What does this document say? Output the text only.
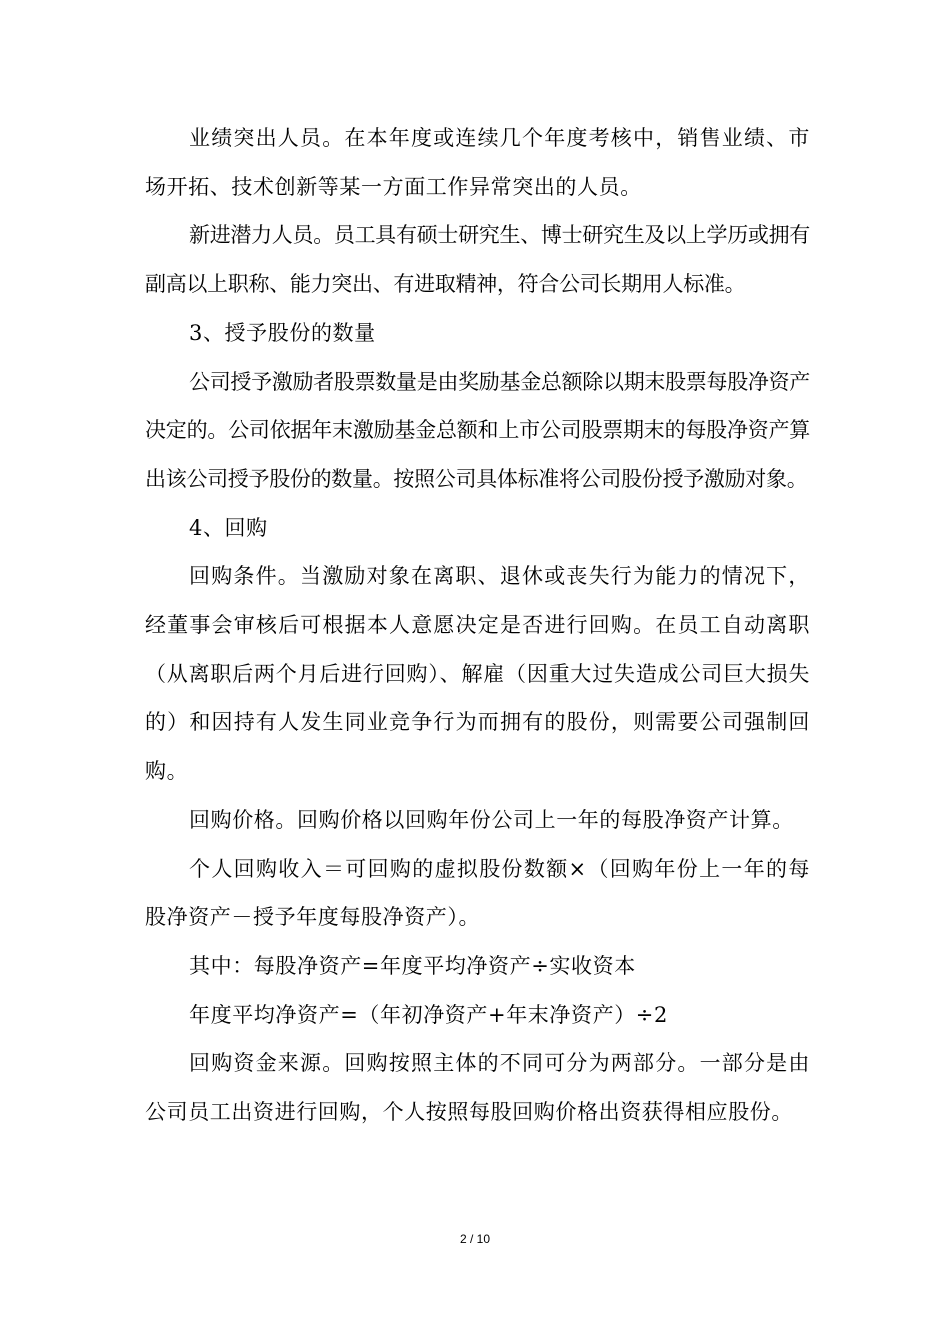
业绩突出人员。在本年度或连续几个年度考核中，销售业绩、市场开拓、技术创新等某一方面工作异常突出的人员。

新进潜力人员。员工具有硕士研究生、博士研究生及以上学历或拥有副高以上职称、能力突出、有进取精神，符合公司长期用人标准。

3、授予股份的数量

公司授予激励者股票数量是由奖励基金总额除以期末股票每股净资产决定的。公司依据年末激励基金总额和上市公司股票期末的每股净资产算出该公司授予股份的数量。按照公司具体标准将公司股份授予激励对象。

4、回购

回购条件。当激励对象在离职、退休或丧失行为能力的情况下，经董事会审核后可根据本人意愿决定是否进行回购。在员工自动离职（从离职后两个月后进行回购）、解雇（因重大过失造成公司巨大损失的）和因持有人发生同业竞争行为而拥有的股份，则需要公司强制回购。

回购价格。回购价格以回购年份公司上一年的每股净资产计算。

个人回购收入＝可回购的虚拟股份数额×（回购年份上一年的每股净资产－授予年度每股净资产）。

其中：每股净资产=年度平均净资产÷实收资本

年度平均净资产=（年初净资产+年末净资产）÷2

回购资金来源。回购按照主体的不同可分为两部分。一部分是由公司员工出资进行回购，个人按照每股回购价格出资获得相应股份。

2 / 10
